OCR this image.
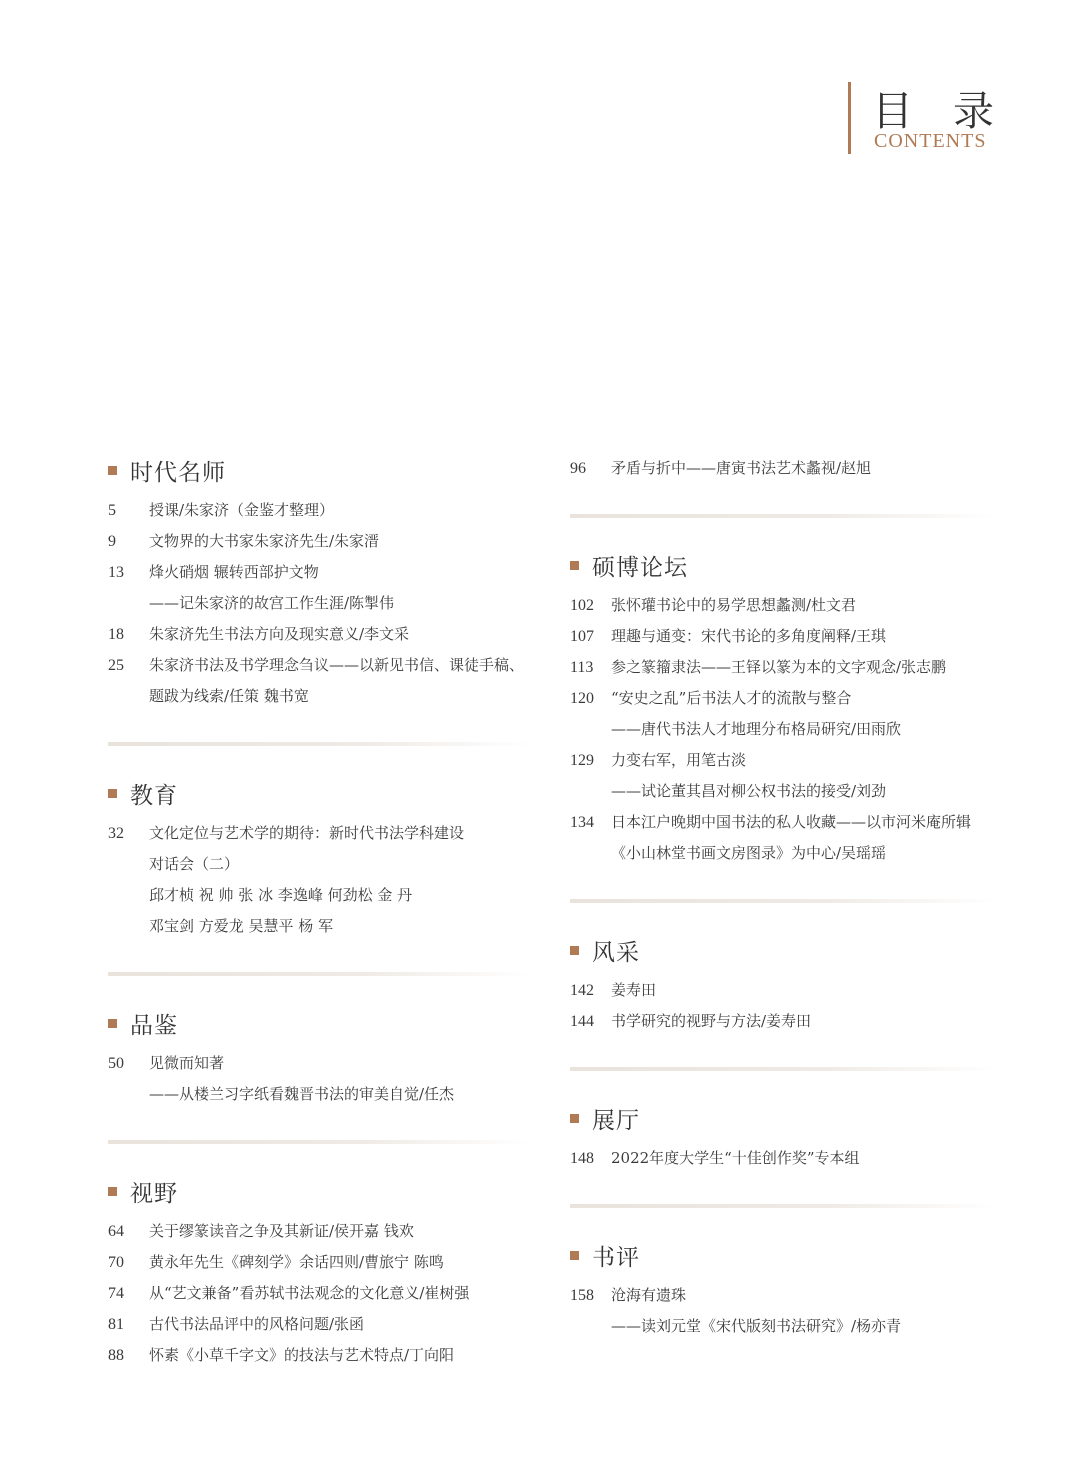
目录
CONTENTS
时代名师
5	授课/朱家济（金鉴才整理）
9	文物界的大书家朱家济先生/朱家溍
13	烽火硝烟 辗转西部护文物
——记朱家济的故宫工作生涯/陈掣伟
18	朱家济先生书法方向及现实意义/李文采
25	朱家济书法及书学理念刍议——以新见书信、课徒手稿、
题跋为线索/任策 魏书宽
教育
32	文化定位与艺术学的期待：新时代书法学科建设
对话会（二）
邱才桢 祝 帅 张 冰 李逸峰 何劲松 金 丹
邓宝剑 方爱龙 吴慧平 杨 军
品鉴
50	见微而知著
——从楼兰习字纸看魏晋书法的审美自觉/任杰
视野
64	关于缪篆读音之争及其新证/侯开嘉 钱欢
70	黄永年先生《碑刻学》余话四则/曹旅宁 陈鸣
74	从“艺文兼备”看苏轼书法观念的文化意义/崔树强
81	古代书法品评中的风格问题/张函
88	怀素《小草千字文》的技法与艺术特点/丁向阳
96	矛盾与折中——唐寅书法艺术蠡视/赵旭
硕博论坛
102	张怀瓘书论中的易学思想蠡测/杜文君
107	理趣与通变：宋代书论的多角度阐释/王琪
113	参之篆籀隶法——王铎以篆为本的文字观念/张志鹏
120	“安史之乱”后书法人才的流散与整合
——唐代书法人才地理分布格局研究/田雨欣
129	力变右军，用笔古淡
——试论董其昌对柳公权书法的接受/刘劲
134	日本江户晚期中国书法的私人收藏——以市河米庵所辑
《小山林堂书画文房图录》为中心/吴瑶瑶
风采
142	姜寿田
144	书学研究的视野与方法/姜寿田
展厅
148	2022年度大学生“十佳创作奖”专本组
书评
158	沧海有遗珠
——读刘元堂《宋代版刻书法研究》/杨亦青
